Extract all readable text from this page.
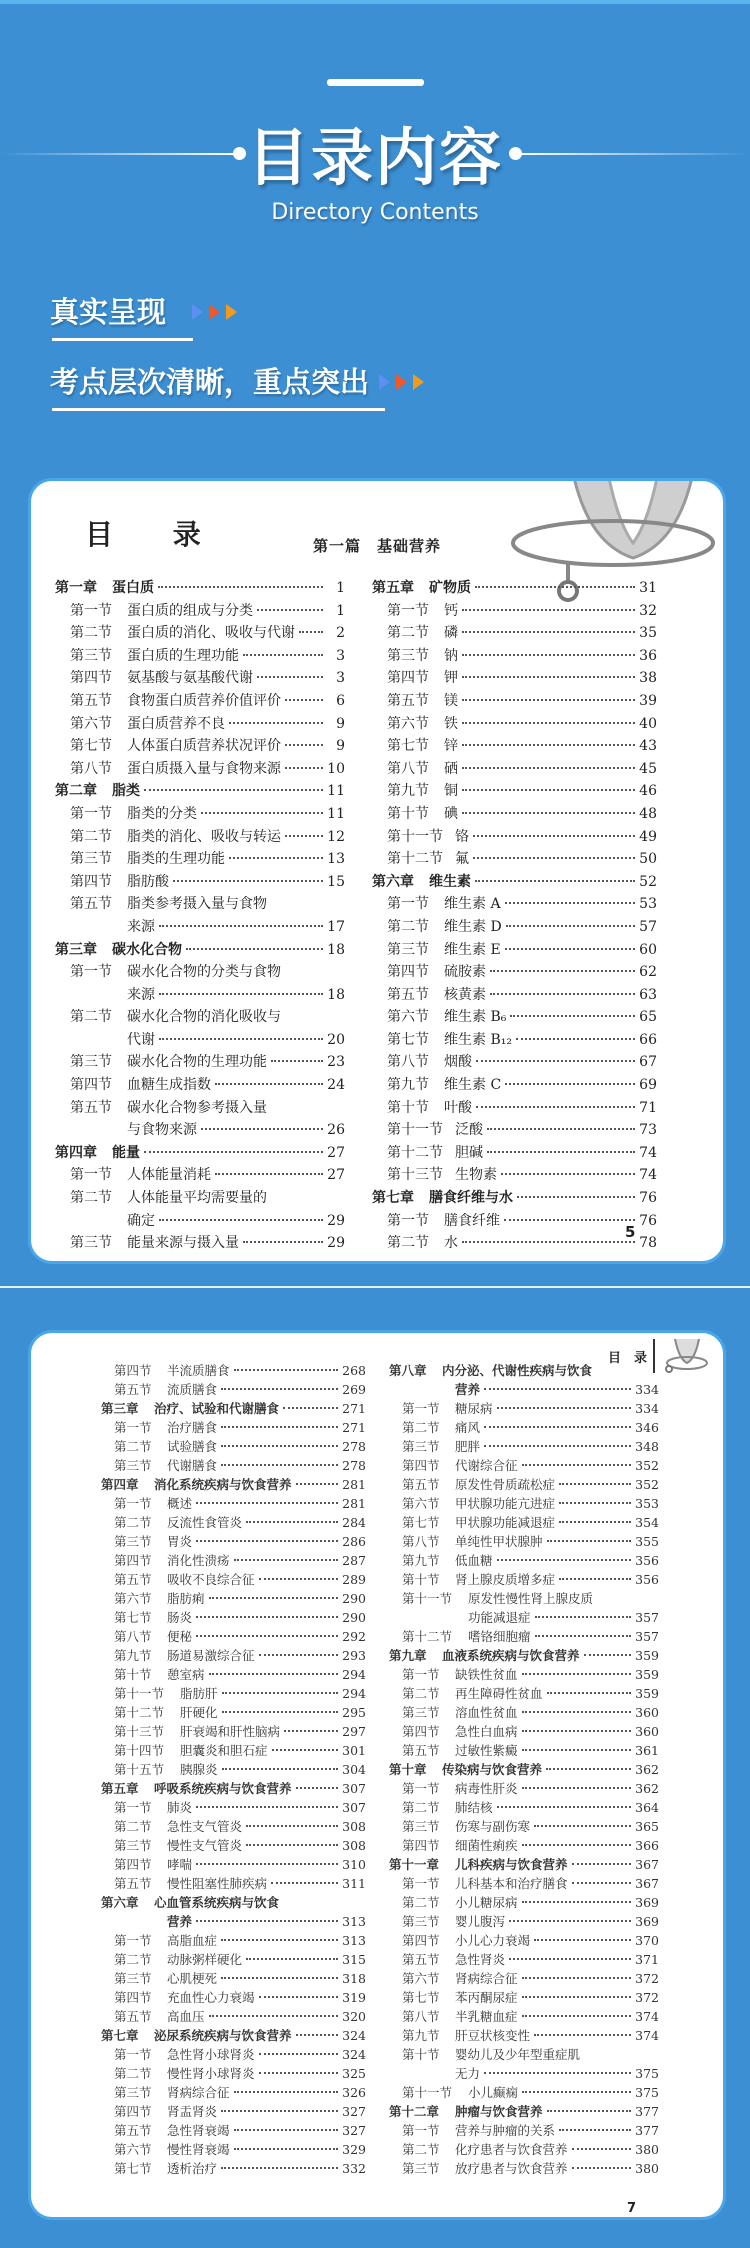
目录内容
Directory Contents
真实呈现
考点层次清晰，重点突出
目 录	第一篇　基础营养
第一章	蛋白质	1
第一节	蛋白质的组成与分类	1
第二节	蛋白质的消化、吸收与代谢	2
第三节	蛋白质的生理功能	3
第四节	氨基酸与氨基酸代谢	3
第五节	食物蛋白质营养价值评价	6
第六节	蛋白质营养不良	9
第七节	人体蛋白质营养状况评价	9
第八节	蛋白质摄入量与食物来源	10
第二章	脂类	11
第一节	脂类的分类	11
第二节	脂类的消化、吸收与转运	12
第三节	脂类的生理功能	13
第四节	脂肪酸	15
第五节	脂类参考摄入量与食物
来源	17
第三章	碳水化合物	18
第一节	碳水化合物的分类与食物
来源	18
第二节	碳水化合物的消化吸收与
代谢	20
第三节	碳水化合物的生理功能	23
第四节	血糖生成指数	24
第五节	碳水化合物参考摄入量
与食物来源	26
第四章	能量	27
第一节	人体能量消耗	27
第二节	人体能量平均需要量的
确定	29
第三节	能量来源与摄入量	29
第五章	矿物质	31
第一节	钙	32
第二节	磷	35
第三节	钠	36
第四节	钾	38
第五节	镁	39
第六节	铁	40
第七节	锌	43
第八节	硒	45
第九节	铜	46
第十节	碘	48
第十一节 铬	49
第十二节 氟	50
第六章	维生素	52
第一节	维生素 A	53
第二节	维生素 D	57
第三节	维生素 E	60
第四节	硫胺素	62
第五节	核黄素	63
第六节	维生素 B₆	65
第七节	维生素 B₁₂	66
第八节	烟酸	67
第九节	维生素 C	69
第十节	叶酸	71
第十一节 泛酸	73
第十二节 胆碱	74
第十三节 生物素	74
第七章	膳食纤维与水	76
第一节	膳食纤维	76
第二节	水	78
5
目　录
第四节	半流质膳食	268
第五节	流质膳食	269
第三章	治疗、试验和代谢膳食	271
第一节	治疗膳食	271
第二节	试验膳食	278
第三节	代谢膳食	278
第四章	消化系统疾病与饮食营养	281
第一节	概述	281
第二节	反流性食管炎	284
第三节	胃炎	286
第四节	消化性溃疡	287
第五节	吸收不良综合征	289
第六节	脂肪痢	290
第七节	肠炎	290
第八节	便秘	292
第九节	肠道易激综合征	293
第十节	憩室病	294
第十一节	脂肪肝	294
第十二节	肝硬化	295
第十三节	肝衰竭和肝性脑病	297
第十四节	胆囊炎和胆石症	301
第十五节	胰腺炎	304
第五章	呼吸系统疾病与饮食营养	307
第一节	肺炎	307
第二节	急性支气管炎	308
第三节	慢性支气管炎	308
第四节	哮喘	310
第五节	慢性阻塞性肺疾病	311
第六章	心血管系统疾病与饮食
营养	313
第一节	高脂血症	313
第二节	动脉粥样硬化	315
第三节	心肌梗死	318
第四节	充血性心力衰竭	319
第五节	高血压	320
第七章	泌尿系统疾病与饮食营养	324
第一节	急性肾小球肾炎	324
第二节	慢性肾小球肾炎	325
第三节	肾病综合征	326
第四节	肾盂肾炎	327
第五节	急性肾衰竭	327
第六节	慢性肾衰竭	329
第七节	透析治疗	332
第八章	内分泌、代谢性疾病与饮食
营养	334
第一节	糖尿病	334
第二节	痛风	346
第三节	肥胖	348
第四节	代谢综合征	352
第五节	原发性骨质疏松症	352
第六节	甲状腺功能亢进症	353
第七节	甲状腺功能减退症	354
第八节	单纯性甲状腺肿	355
第九节	低血糖	356
第十节	肾上腺皮质增多症	356
第十一节	原发性慢性肾上腺皮质
功能减退症	357
第十二节	嗜铬细胞瘤	357
第九章	血液系统疾病与饮食营养	359
第一节	缺铁性贫血	359
第二节	再生障碍性贫血	359
第三节	溶血性贫血	360
第四节	急性白血病	360
第五节	过敏性紫癜	361
第十章	传染病与饮食营养	362
第一节	病毒性肝炎	362
第二节	肺结核	364
第三节	伤寒与副伤寒	365
第四节	细菌性痢疾	366
第十一章	儿科疾病与饮食营养	367
第一节	儿科基本和治疗膳食	367
第二节	小儿糖尿病	369
第三节	婴儿腹泻	369
第四节	小儿心力衰竭	370
第五节	急性肾炎	371
第六节	肾病综合征	372
第七节	苯丙酮尿症	372
第八节	半乳糖血症	374
第九节	肝豆状核变性	374
第十节	婴幼儿及少年型重症肌
无力	375
第十一节	小儿癫痫	375
第十二章	肿瘤与饮食营养	377
第一节	营养与肿瘤的关系	377
第二节	化疗患者与饮食营养	380
第三节	放疗患者与饮食营养	380
7
